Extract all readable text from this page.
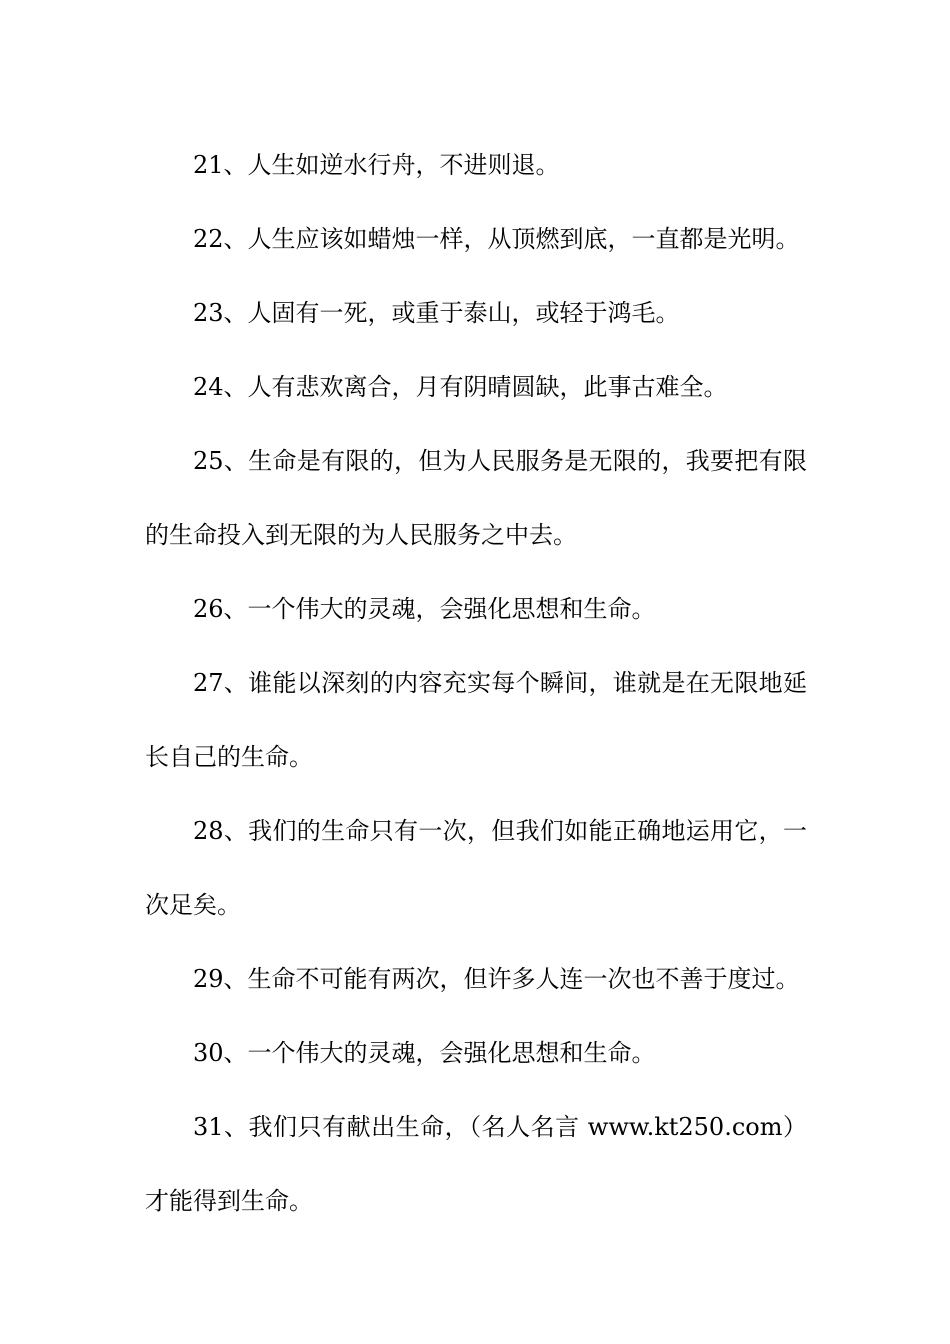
21、人生如逆水行舟，不进则退。

22、人生应该如蜡烛一样，从顶燃到底，一直都是光明。

23、人固有一死，或重于泰山，或轻于鸿毛。

24、人有悲欢离合，月有阴晴圆缺，此事古难全。

25、生命是有限的，但为人民服务是无限的，我要把有限的生命投入到无限的为人民服务之中去。

26、一个伟大的灵魂，会强化思想和生命。

27、谁能以深刻的内容充实每个瞬间，谁就是在无限地延长自己的生命。

28、我们的生命只有一次，但我们如能正确地运用它，一次足矣。

29、生命不可能有两次，但许多人连一次也不善于度过。

30、一个伟大的灵魂，会强化思想和生命。

31、我们只有献出生命，（名人名言 www.kt250.com）才能得到生命。
